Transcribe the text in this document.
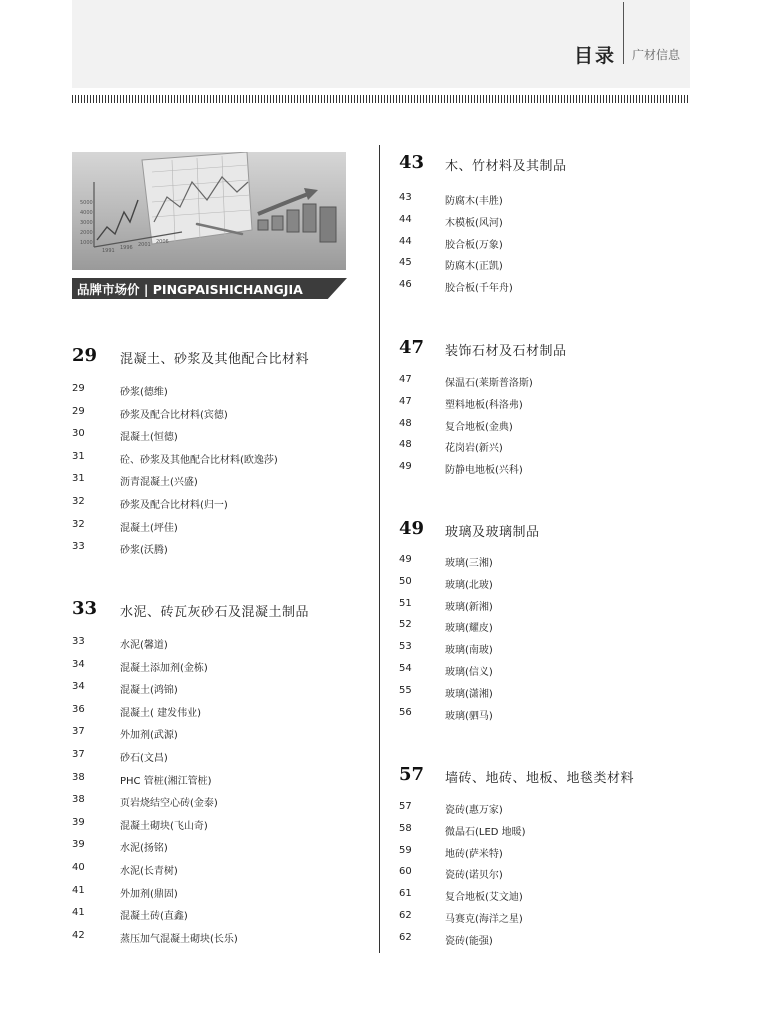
目录 广材信息
5000
4000
3000
2000
1000
1991 1996 2001 2006
品牌市场价 | PINGPAISHICHANGJIA
29 混凝土、砂浆及其他配合比材料
29	砂浆(德维)
29	砂浆及配合比材料(宾德)
30	混凝土(恒德)
31	砼、砂浆及其他配合比材料(欧逸莎)
31	沥青混凝土(兴盛)
32	砂浆及配合比材料(归一)
32	混凝土(坪佳)
33	砂浆(沃腾)
33 水泥、砖瓦灰砂石及混凝土制品
33	水泥(馨道)
34	混凝土添加剂(金栋)
34	混凝土(鸿锦)
36	混凝土( 建发伟业)
37	外加剂(武源)
37	砂石(文昌)
38	PHC 管桩(湘江管桩)
38	页岩烧结空心砖(金泰)
39	混凝土砌块(飞山奇)
39	水泥(扬铭)
40	水泥(长青树)
41	外加剂(鼎固)
41	混凝土砖(直鑫)
42	蒸压加气混凝土砌块(长乐)
43 木、竹材料及其制品
43	防腐木(丰胜)
44	木模板(风河)
44	胶合板(万象)
45	防腐木(正凯)
46	胶合板(千年舟)
47 装饰石材及石材制品
47	保温石(莱斯普洛斯)
47	塑料地板(科洛弗)
48	复合地板(金典)
48	花岗岩(新兴)
49	防静电地板(兴科)
49 玻璃及玻璃制品
49	玻璃(三湘)
50	玻璃(北玻)
51	玻璃(新湘)
52	玻璃(耀皮)
53	玻璃(南玻)
54	玻璃(信义)
55	玻璃(潇湘)
56	玻璃(驷马)
57 墙砖、地砖、地板、地毯类材料
57	瓷砖(惠万家)
58	微晶石(LED 地暖)
59	地砖(萨米特)
60	瓷砖(诺贝尔)
61	复合地板(艾文迪)
62	马赛克(海洋之星)
62	瓷砖(能强)
